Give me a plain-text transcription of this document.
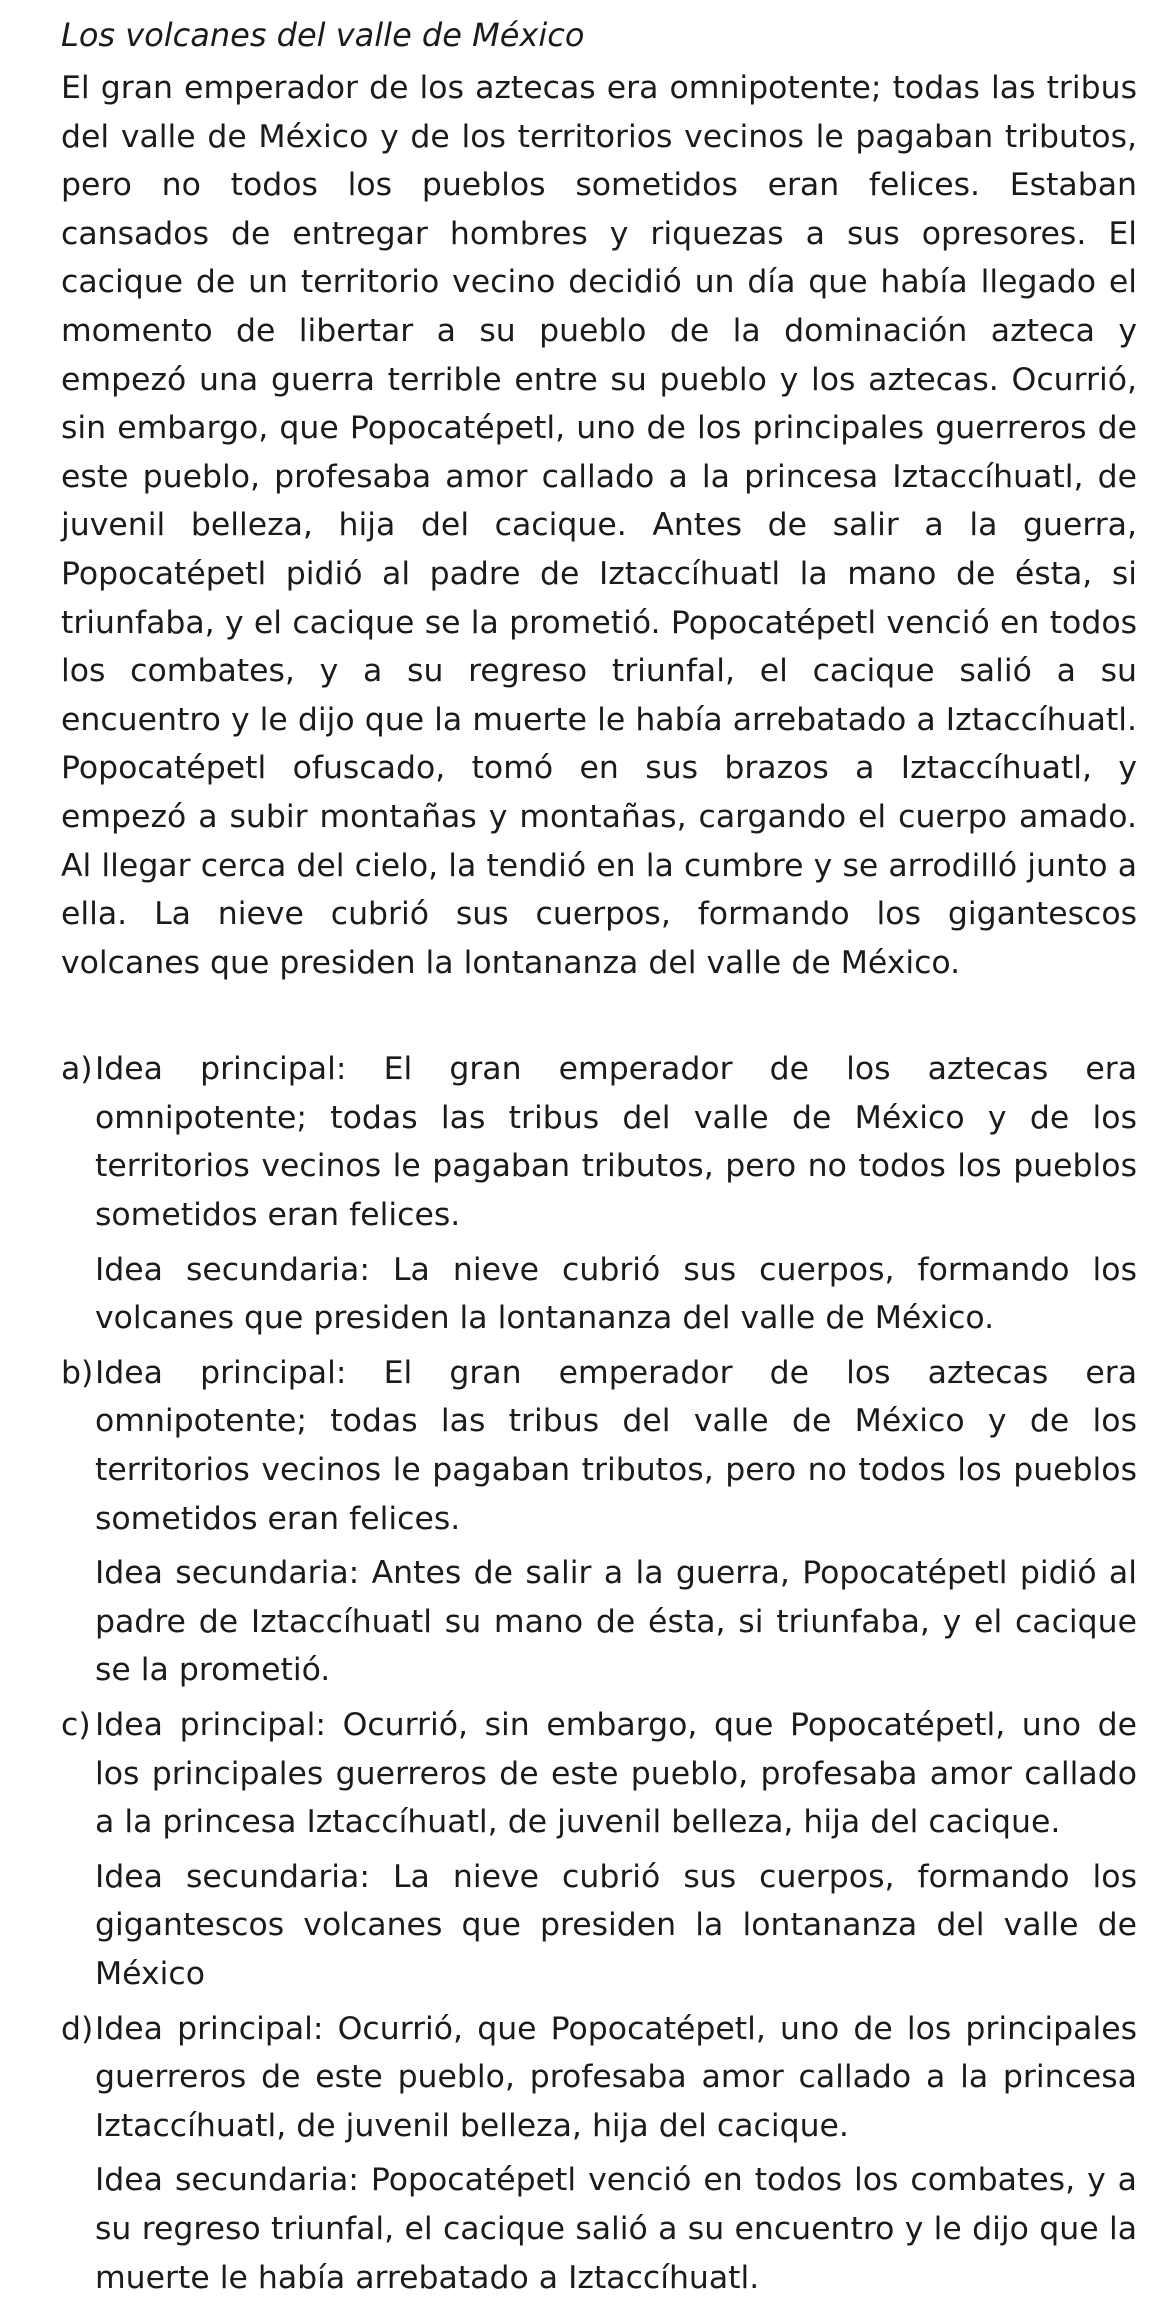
Los volcanes del valle de México

El gran emperador de los aztecas era omnipotente; todas las tribus del valle de México y de los territorios vecinos le pagaban tributos, pero no todos los pueblos sometidos eran felices. Estaban cansados de entregar hombres y riquezas a sus opresores. El cacique de un territorio vecino decidió un día que había llegado el momento de libertar a su pueblo de la dominación azteca y empezó una guerra terrible entre su pueblo y los aztecas. Ocurrió, sin embargo, que Popocatépetl, uno de los principales guerreros de este pueblo, profesaba amor callado a la princesa Iztaccíhuatl, de juvenil belleza, hija del cacique. Antes de salir a la guerra, Popocatépetl pidió al padre de Iztaccíhuatl la mano de ésta, si triunfaba, y el cacique se la prometió. Popocatépetl venció en todos los combates, y a su regreso triunfal, el cacique salió a su encuentro y le dijo que la muerte le había arrebatado a Iztaccíhuatl. Popocatépetl ofuscado, tomó en sus brazos a Iztaccíhuatl, y empezó a subir montañas y montañas, cargando el cuerpo amado. Al llegar cerca del cielo, la tendió en la cumbre y se arrodilló junto a ella. La nieve cubrió sus cuerpos, formando los gigantescos volcanes que presiden la lontananza del valle de México.

a) Idea principal: El gran emperador de los aztecas era omnipotente; todas las tribus del valle de México y de los territorios vecinos le pagaban tributos, pero no todos los pueblos sometidos eran felices.

Idea secundaria: La nieve cubrió sus cuerpos, formando los volcanes que presiden la lontananza del valle de México.

b) Idea principal: El gran emperador de los aztecas era omnipotente; todas las tribus del valle de México y de los territorios vecinos le pagaban tributos, pero no todos los pueblos sometidos eran felices.

Idea secundaria: Antes de salir a la guerra, Popocatépetl pidió al padre de Iztaccíhuatl su mano de ésta, si triunfaba, y el cacique se la prometió.

c) Idea principal: Ocurrió, sin embargo, que Popocatépetl, uno de los principales guerreros de este pueblo, profesaba amor callado a la princesa Iztaccíhuatl, de juvenil belleza, hija del cacique.

Idea secundaria: La nieve cubrió sus cuerpos, formando los gigantescos volcanes que presiden la lontananza del valle de México

d) Idea principal: Ocurrió, que Popocatépetl, uno de los principales guerreros de este pueblo, profesaba amor callado a la princesa Iztaccíhuatl, de juvenil belleza, hija del cacique.

Idea secundaria: Popocatépetl venció en todos los combates, y a su regreso triunfal, el cacique salió a su encuentro y le dijo que la muerte le había arrebatado a Iztaccíhuatl.
